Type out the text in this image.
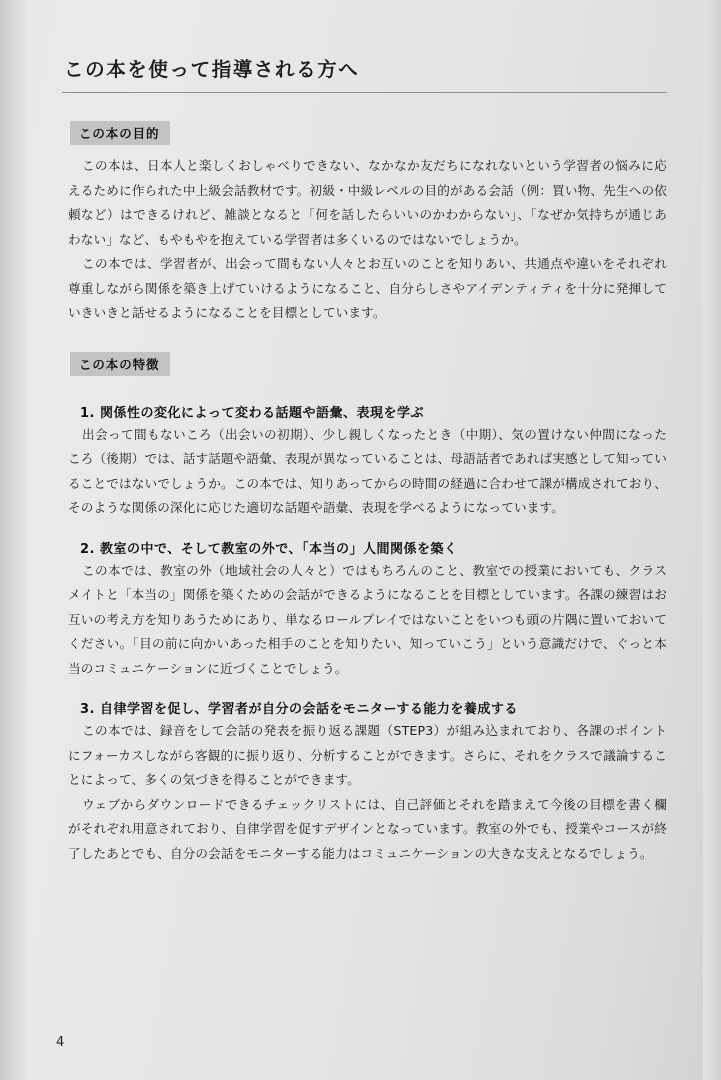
この本を使って指導される方へ
この本の目的

この本は、日本人と楽しくおしゃべりできない、なかなか友だちになれないという学習者の悩みに応えるために作られた中上級会話教材です。初級・中級レベルの目的がある会話（例：買い物、先生への依頼など）はできるけれど、雑談となると「何を話したらいいのかわからない」、「なぜか気持ちが通じあわない」など、もやもやを抱えている学習者は多くいるのではないでしょうか。

この本では、学習者が、出会って間もない人々とお互いのことを知りあい、共通点や違いをそれぞれ尊重しながら関係を築き上げていけるようになること、自分らしさやアイデンティティを十分に発揮していきいきと話せるようになることを目標としています。

この本の特徴
1. 関係性の変化によって変わる話題や語彙、表現を学ぶ

出会って間もないころ（出会いの初期）、少し親しくなったとき（中期）、気の置けない仲間になったころ（後期）では、話す話題や語彙、表現が異なっていることは、母語話者であれば実感として知っていることではないでしょうか。この本では、知りあってからの時間の経過に合わせて課が構成されており、そのような関係の深化に応じた適切な話題や語彙、表現を学べるようになっています。

2. 教室の中で、そして教室の外で、「本当の」人間関係を築く

この本では、教室の外（地域社会の人々と）ではもちろんのこと、教室での授業においても、クラスメイトと「本当の」関係を築くための会話ができるようになることを目標としています。各課の練習はお互いの考え方を知りあうためにあり、単なるロールプレイではないことをいつも頭の片隅に置いておいてください。「目の前に向かいあった相手のことを知りたい、知っていこう」という意識だけで、ぐっと本当のコミュニケーションに近づくことでしょう。

3. 自律学習を促し、学習者が自分の会話をモニターする能力を養成する

この本では、録音をして会話の発表を振り返る課題（STEP3）が組み込まれており、各課のポイントにフォーカスしながら客観的に振り返り、分析することができます。さらに、それをクラスで議論することによって、多くの気づきを得ることができます。

ウェブからダウンロードできるチェックリストには、自己評価とそれを踏まえて今後の目標を書く欄がそれぞれ用意されており、自律学習を促すデザインとなっています。教室の外でも、授業やコースが終了したあとでも、自分の会話をモニターする能力はコミュニケーションの大きな支えとなるでしょう。

4
